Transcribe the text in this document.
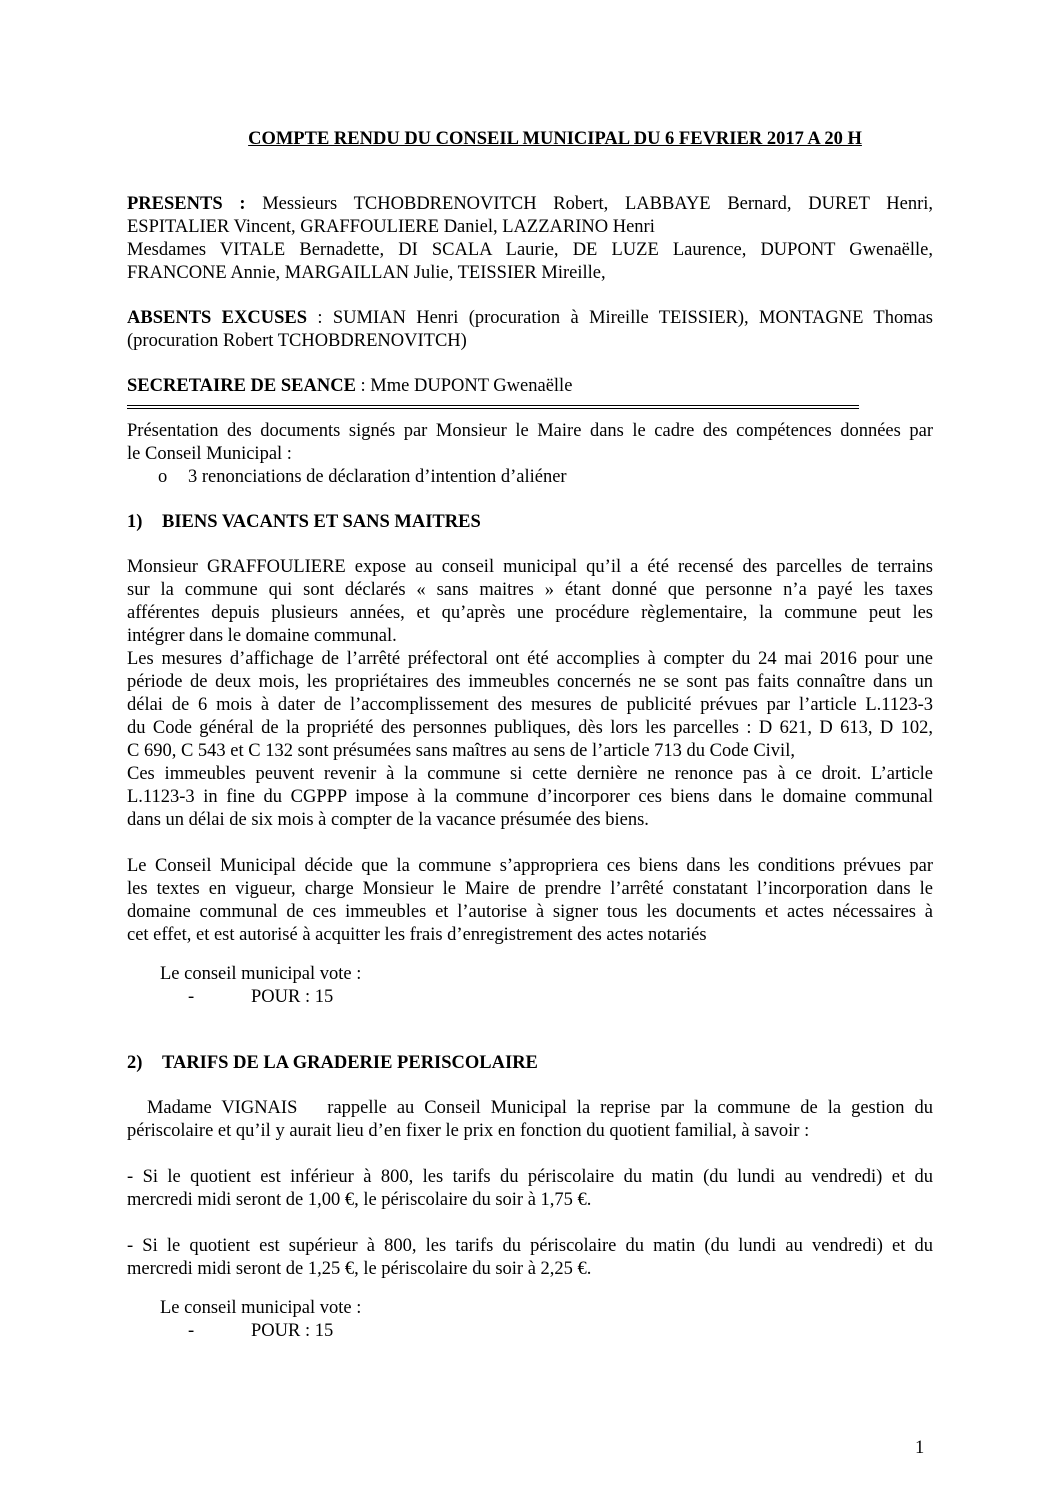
COMPTE RENDU DU CONSEIL MUNICIPAL DU 6 FEVRIER 2017 A 20 H

PRESENTS : Messieurs TCHOBDRENOVITCH Robert, LABBAYE Bernard, DURET Henri,

ESPITALIER Vincent, GRAFFOULIERE Daniel, LAZZARINO Henri

Mesdames VITALE Bernadette, DI SCALA Laurie, DE LUZE Laurence, DUPONT Gwenaëlle,

FRANCONE Annie, MARGAILLAN Julie, TEISSIER Mireille,

ABSENTS EXCUSES : SUMIAN Henri (procuration à Mireille TEISSIER), MONTAGNE Thomas

(procuration Robert TCHOBDRENOVITCH)

SECRETAIRE DE SEANCE : Mme DUPONT Gwenaëlle

Présentation des documents signés par Monsieur le Maire dans le cadre des compétences données par

le Conseil Municipal :

o 3 renonciations de déclaration d’intention d’aliéner

1) BIENS VACANTS ET SANS MAITRES

Monsieur GRAFFOULIERE expose au conseil municipal qu’il a été recensé des parcelles de terrains

sur la commune qui sont déclarés « sans maitres » étant donné que personne n’a payé les taxes

afférentes depuis plusieurs années, et qu’après une procédure règlementaire, la commune peut les

intégrer dans le domaine communal.

Les mesures d’affichage de l’arrêté préfectoral ont été accomplies à compter du 24 mai 2016 pour une

période de deux mois, les propriétaires des immeubles concernés ne se sont pas faits connaître dans un

délai de 6 mois à dater de l’accomplissement des mesures de publicité prévues par l’article L.1123-3

du Code général de la propriété des personnes publiques, dès lors les parcelles : D 621, D 613, D 102,

C 690, C 543 et C 132 sont présumées sans maîtres au sens de l’article 713 du Code Civil,

Ces immeubles peuvent revenir à la commune si cette dernière ne renonce pas à ce droit. L’article

L.1123-3 in fine du CGPPP impose à la commune d’incorporer ces biens dans le domaine communal

dans un délai de six mois à compter de la vacance présumée des biens.

Le Conseil Municipal décide que la commune s’appropriera ces biens dans les conditions prévues par

les textes en vigueur, charge Monsieur le Maire de prendre l’arrêté constatant l’incorporation dans le

domaine communal de ces immeubles et l’autorise à signer tous les documents et actes nécessaires à

cet effet, et est autorisé à acquitter les frais d’enregistrement des actes notariés

Le conseil municipal vote :
-	POUR : 15
2) TARIFS DE LA GRADERIE PERISCOLAIRE

Madame VIGNAIS   rappelle au Conseil Municipal la reprise par la commune de la gestion du

périscolaire et qu’il y aurait lieu d’en fixer le prix en fonction du quotient familial, à savoir :

- Si le quotient est inférieur à 800, les tarifs du périscolaire du matin (du lundi au vendredi) et du

mercredi midi seront de 1,00 €, le périscolaire du soir à 1,75 €.

- Si le quotient est supérieur à 800, les tarifs du périscolaire du matin (du lundi au vendredi) et du

mercredi midi seront de 1,25 €, le périscolaire du soir à 2,25 €.

Le conseil municipal vote :
-	POUR : 15
1
